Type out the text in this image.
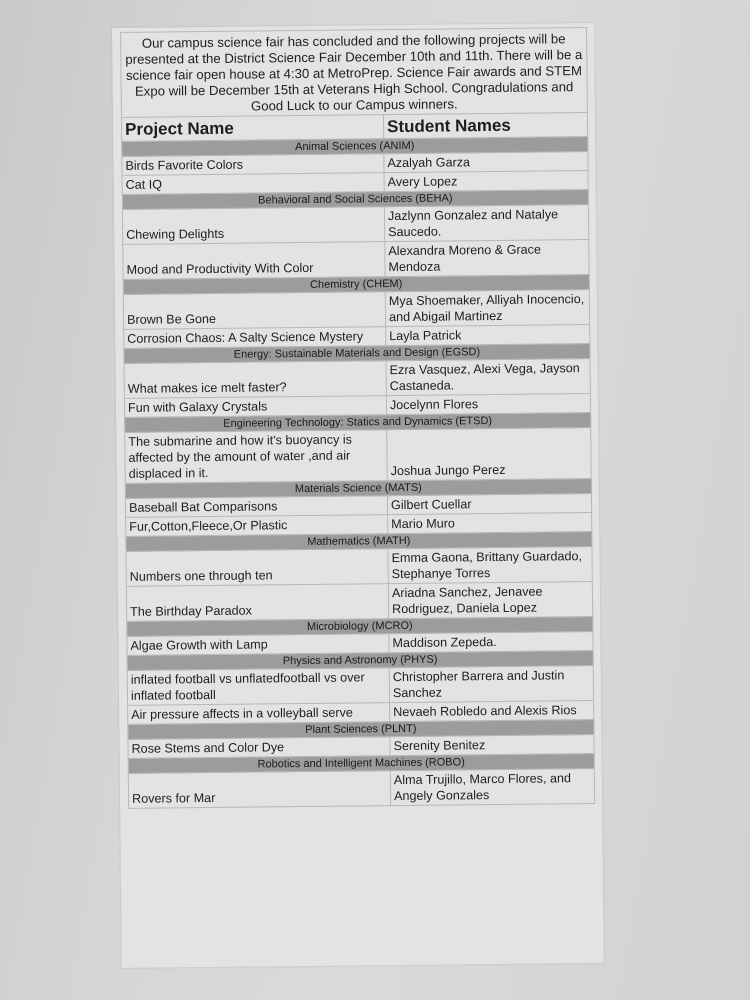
Our campus science fair has concluded and the following projects will be presented at the District Science Fair December 10th and 11th. There will be a science fair open house at 4:30 at MetroPrep. Science Fair awards and STEM Expo will be December 15th at Veterans High School. Congradulations and Good Luck to our Campus winners.	
Project Name	Student Names
Animal Sciences (ANIM)	
Birds Favorite Colors	Azalyah Garza
Cat IQ	Avery Lopez
Behavioral and Social Sciences (BEHA)	
Chewing Delights	Jazlynn Gonzalez and Natalye Saucedo.
Mood and Productivity With Color	Alexandra Moreno & Grace Mendoza
Chemistry (CHEM)	
Brown Be Gone	Mya Shoemaker, Alliyah Inocencio, and Abigail Martinez
Corrosion Chaos: A Salty Science Mystery	Layla Patrick
Energy: Sustainable Materials and Design (EGSD)	
What makes ice melt faster?	Ezra Vasquez, Alexi Vega, Jayson Castaneda.
Fun with Galaxy Crystals	Jocelynn Flores
Engineering Technology: Statics and Dynamics (ETSD)	
The submarine and how it's buoyancy is affected by the amount of water ,and air displaced in it.	Joshua Jungo Perez
Materials Science (MATS)	
Baseball Bat Comparisons	Gilbert Cuellar
Fur,Cotton,Fleece,Or Plastic	Mario Muro
Mathematics (MATH)	
Numbers one through ten	Emma Gaona, Brittany Guardado, Stephanye Torres
The Birthday Paradox	Ariadna Sanchez, Jenavee Rodriguez, Daniela Lopez
Microbiology (MCRO)	
Algae Growth with Lamp	Maddison Zepeda.
Physics and Astronomy (PHYS)	
inflated football vs unflatedfootball vs over inflated football	Christopher Barrera and Justin Sanchez
Air pressure affects in a volleyball serve	Nevaeh Robledo and Alexis Rios
Plant Sciences (PLNT)	
Rose Stems and Color Dye	Serenity Benitez
Robotics and Intelligent Machines (ROBO)	
Rovers for Mar	Alma Trujillo, Marco Flores, and Angely Gonzales
